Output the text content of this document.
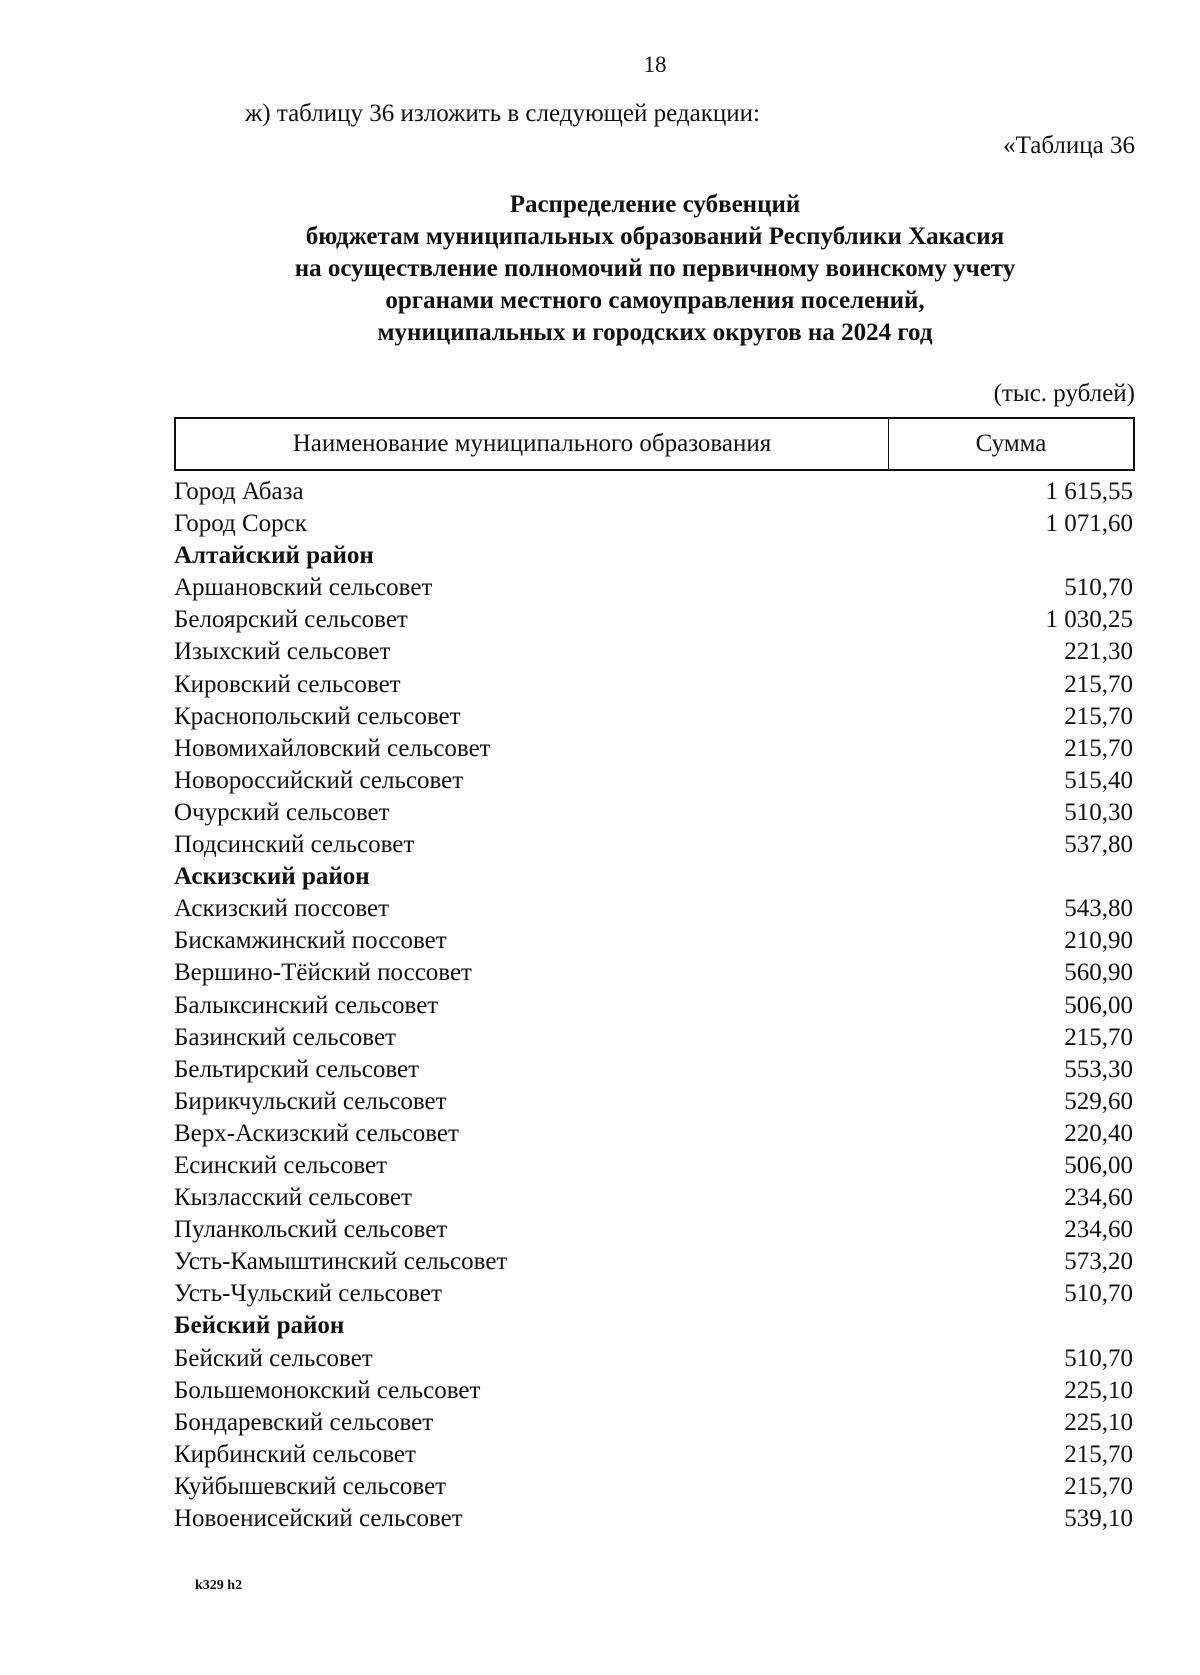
18
ж) таблицу 36 изложить в следующей редакции:
«Таблица 36
Распределение субвенций
бюджетам муниципальных образований Республики Хакасия
на осуществление полномочий по первичному воинскому учету
органами местного самоуправления поселений,
муниципальных и городских округов на 2024 год
(тыс. рублей)
Наименование муниципального образования	Сумма
Город Абаза	1 615,55
Город Сорск	1 071,60
Алтайский район
Аршановский сельсовет	510,70
Белоярский сельсовет	1 030,25
Изыхский сельсовет	221,30
Кировский сельсовет	215,70
Краснопольский сельсовет	215,70
Новомихайловский сельсовет	215,70
Новороссийский сельсовет	515,40
Очурский сельсовет	510,30
Подсинский сельсовет	537,80
Аскизский район
Аскизский поссовет	543,80
Бискамжинский поссовет	210,90
Вершино-Тёйский поссовет	560,90
Балыксинский сельсовет	506,00
Базинский сельсовет	215,70
Бельтирский сельсовет	553,30
Бирикчульский сельсовет	529,60
Верх-Аскизский сельсовет	220,40
Есинский сельсовет	506,00
Кызласский сельсовет	234,60
Пуланкольский сельсовет	234,60
Усть-Камыштинский сельсовет	573,20
Усть-Чульский сельсовет	510,70
Бейский район
Бейский сельсовет	510,70
Большемонокский сельсовет	225,10
Бондаревский сельсовет	225,10
Кирбинский сельсовет	215,70
Куйбышевский сельсовет	215,70
Новоенисейский сельсовет	539,10
k329 h2
